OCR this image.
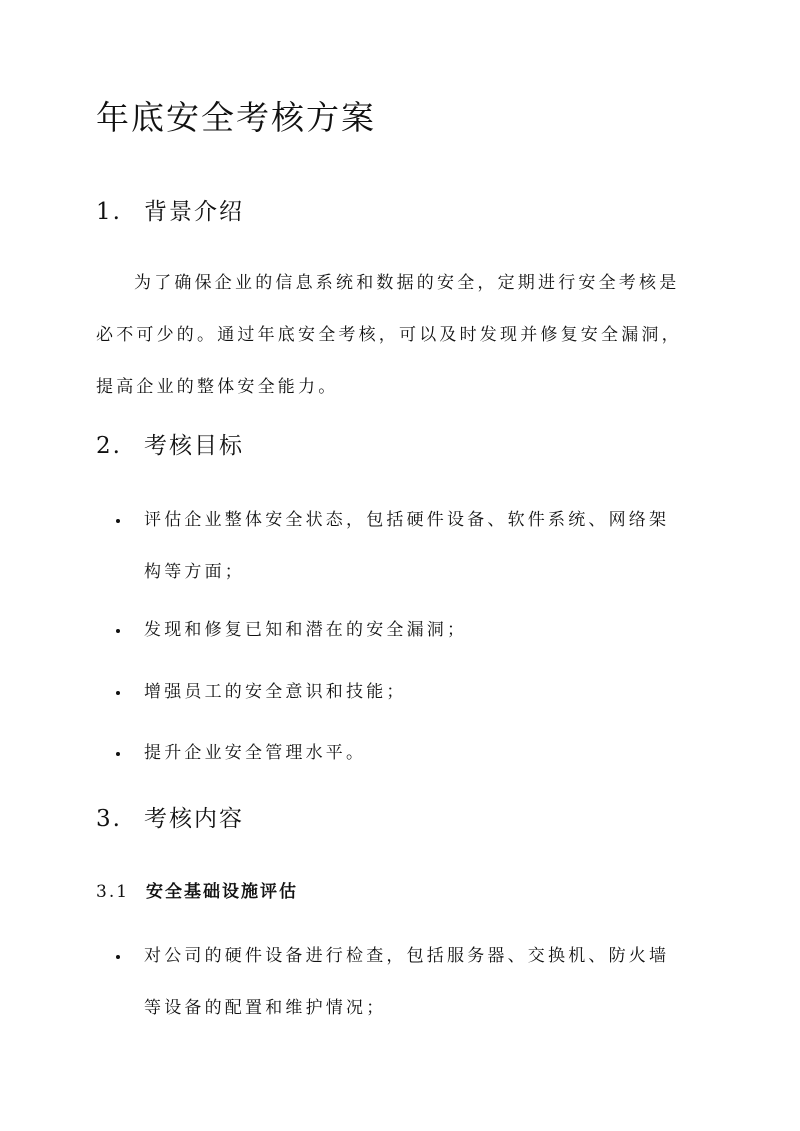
年底安全考核方案
1. 背景介绍
为了确保企业的信息系统和数据的安全，定期进行安全考核是
必不可少的。通过年底安全考核，可以及时发现并修复安全漏洞，
提高企业的整体安全能力。
2. 考核目标
评估企业整体安全状态，包括硬件设备、软件系统、网络架
构等方面；
发现和修复已知和潜在的安全漏洞；
增强员工的安全意识和技能；
提升企业安全管理水平。
3. 考核内容
3.1 安全基础设施评估
对公司的硬件设备进行检查，包括服务器、交换机、防火墙
等设备的配置和维护情况；
